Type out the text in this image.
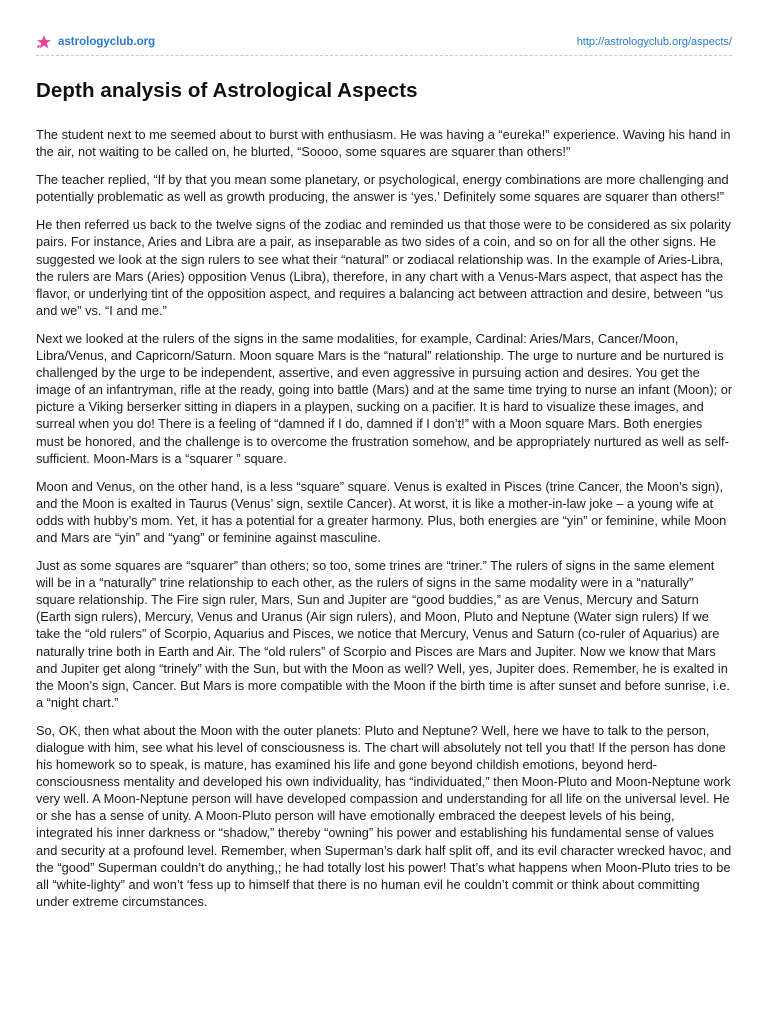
astrologyclub.org	http://astrologyclub.org/aspects/
Depth analysis of Astrological Aspects

The student next to me seemed about to burst with enthusiasm. He was having a “eureka!” experience. Waving his hand in the air, not waiting to be called on, he blurted, “Soooo, some squares are squarer than others!"

The teacher replied, “If by that you mean some planetary, or psychological, energy combinations are more challenging and potentially problematic as well as growth producing, the answer is ‘yes.’ Definitely some squares are squarer than others!”

He then referred us back to the twelve signs of the zodiac and reminded us that those were to be considered as six polarity pairs. For instance, Aries and Libra are a pair, as inseparable as two sides of a coin, and so on for all the other signs. He suggested we look at the sign rulers to see what their “natural” or zodiacal relationship was. In the example of Aries-Libra, the rulers are Mars (Aries) opposition Venus (Libra), therefore, in any chart with a Venus-Mars aspect, that aspect has the flavor, or underlying tint of the opposition aspect, and requires a balancing act between attraction and desire, between “us and we” vs. “I and me.”

Next we looked at the rulers of the signs in the same modalities, for example, Cardinal: Aries/Mars, Cancer/Moon, Libra/Venus, and Capricorn/Saturn. Moon square Mars is the “natural” relationship. The urge to nurture and be nurtured is challenged by the urge to be independent, assertive, and even aggressive in pursuing action and desires. You get the image of an infantryman, rifle at the ready, going into battle (Mars) and at the same time trying to nurse an infant (Moon); or picture a Viking berserker sitting in diapers in a playpen, sucking on a pacifier. It is hard to visualize these images, and surreal when you do! There is a feeling of “damned if I do, damned if I don’t!” with a Moon square Mars. Both energies must be honored, and the challenge is to overcome the frustration somehow, and be appropriately nurtured as well as self-sufficient. Moon-Mars is a “squarer ” square.

Moon and Venus, on the other hand, is a less “square” square. Venus is exalted in Pisces (trine Cancer, the Moon’s sign), and the Moon is exalted in Taurus (Venus’ sign, sextile Cancer). At worst, it is like a mother-in-law joke – a young wife at odds with hubby’s mom. Yet, it has a potential for a greater harmony. Plus, both energies are “yin” or feminine, while Moon and Mars are “yin” and “yang” or feminine against masculine.

Just as some squares are “squarer” than others; so too, some trines are “triner.” The rulers of signs in the same element will be in a “naturally” trine relationship to each other, as the rulers of signs in the same modality were in a “naturally” square relationship. The Fire sign ruler, Mars, Sun and Jupiter are “good buddies,” as are Venus, Mercury and Saturn (Earth sign rulers), Mercury, Venus and Uranus (Air sign rulers), and Moon, Pluto and Neptune (Water sign rulers) If we take the “old rulers” of Scorpio, Aquarius and Pisces, we notice that Mercury, Venus and Saturn (co-ruler of Aquarius) are naturally trine both in Earth and Air. The “old rulers” of Scorpio and Pisces are Mars and Jupiter. Now we know that Mars and Jupiter get along “trinely” with the Sun, but with the Moon as well? Well, yes, Jupiter does. Remember, he is exalted in the Moon’s sign, Cancer. But Mars is more compatible with the Moon if the birth time is after sunset and before sunrise, i.e. a “night chart.”

So, OK, then what about the Moon with the outer planets: Pluto and Neptune? Well, here we have to talk to the person, dialogue with him, see what his level of consciousness is. The chart will absolutely not tell you that! If the person has done his homework so to speak, is mature, has examined his life and gone beyond childish emotions, beyond herd-consciousness mentality and developed his own individuality, has “individuated,” then Moon-Pluto and Moon-Neptune work very well. A Moon-Neptune person will have developed compassion and understanding for all life on the universal level. He or she has a sense of unity. A Moon-Pluto person will have emotionally embraced the deepest levels of his being, integrated his inner darkness or “shadow,” thereby “owning” his power and establishing his fundamental sense of values and security at a profound level. Remember, when Superman’s dark half split off, and its evil character wrecked havoc, and the “good” Superman couldn’t do anything,; he had totally lost his power! That’s what happens when Moon-Pluto tries to be all “white-lighty” and won’t ‘fess up to himself that there is no human evil he couldn’t commit or think about committing under extreme circumstances.
